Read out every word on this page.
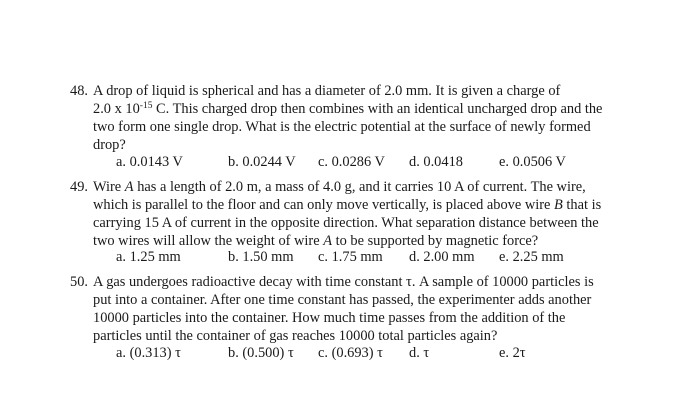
48. A drop of liquid is spherical and has a diameter of 2.0 mm. It is given a charge of
2.0 x $10^{-15}$ C. This charged drop then combines with an identical uncharged drop and the
two form one single drop. What is the electric potential at the surface of newly formed
drop?
a. 0.0143 V	b. 0.0244 V c. 0.0286 V d. 0.0418	e. 0.0506 V
49. Wire A has a length of 2.0 m, a mass of 4.0 g, and it carries 10 A of current. The wire,
which is parallel to the floor and can only move vertically, is placed above wire B that is
carrying 15 A of current in the opposite direction. What separation distance between the
two wires will allow the weight of wire A to be supported by magnetic force?
a. 1.25 mm	b. 1.50 mm c. 1.75 mm d. 2.00 mm e. 2.25 mm
50. A gas undergoes radioactive decay with time constant τ. A sample of 10000 particles is
put into a container. After one time constant has passed, the experimenter adds another
10000 particles into the container. How much time passes from the addition of the
particles until the container of gas reaches 10000 total particles again?
a. (0.313) τ	b. (0.500) τ c. (0.693) τ d. τ	e. 2τ
